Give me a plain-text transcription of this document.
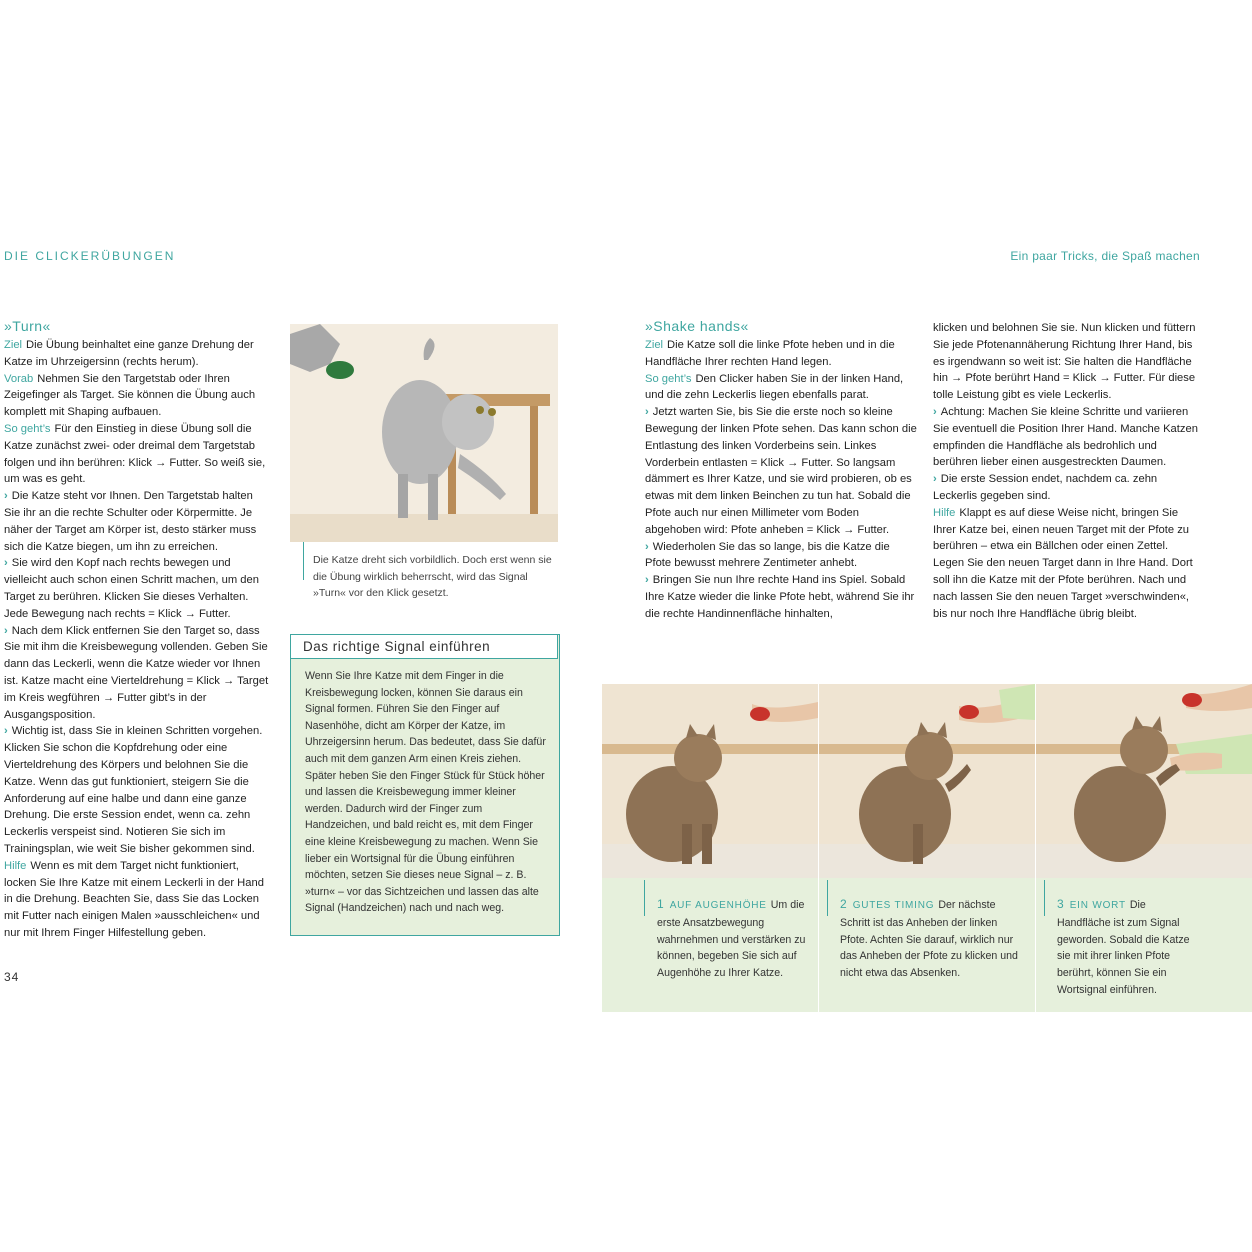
DIE CLICKERÜBUNGEN	Ein paar Tricks, die Spaß machen
»Turn«

Ziel Die Übung beinhaltet eine ganze Drehung der Katze im Uhrzeigersinn (rechts herum).

Vorab Nehmen Sie den Targetstab oder Ihren Zeigefinger als Target. Sie können die Übung auch komplett mit Shaping aufbauen.

So geht’s Für den Einstieg in diese Übung soll die Katze zunächst zwei- oder dreimal dem Targetstab folgen und ihn berühren: Klick → Futter. So weiß sie, um was es geht.

› Die Katze steht vor Ihnen. Den Targetstab halten Sie ihr an die rechte Schulter oder Körpermitte. Je näher der Target am Körper ist, desto stärker muss sich die Katze biegen, um ihn zu erreichen.

› Sie wird den Kopf nach rechts bewegen und vielleicht auch schon einen Schritt machen, um den Target zu berühren. Klicken Sie dieses Verhalten. Jede Bewegung nach rechts = Klick → Futter.

› Nach dem Klick entfernen Sie den Target so, dass Sie mit ihm die Kreisbewegung vollenden. Geben Sie dann das Leckerli, wenn die Katze wieder vor Ihnen ist. Katze macht eine Vierteldrehung = Klick → Target im Kreis wegführen → Futter gibt’s in der Ausgangsposition.

› Wichtig ist, dass Sie in kleinen Schritten vorgehen. Klicken Sie schon die Kopfdrehung oder eine Vierteldrehung des Körpers und belohnen Sie die Katze. Wenn das gut funktioniert, steigern Sie die Anforderung auf eine halbe und dann eine ganze Drehung. Die erste Session endet, wenn ca. zehn Leckerlis verspeist sind. Notieren Sie sich im Trainingsplan, wie weit Sie bisher gekommen sind.

Hilfe Wenn es mit dem Target nicht funktioniert, locken Sie Ihre Katze mit einem Leckerli in der Hand in die Drehung. Beachten Sie, dass Sie das Locken mit Futter nach einigen Malen »ausschleichen« und nur mit Ihrem Finger Hilfestellung geben.

34
Die Katze dreht sich vorbildlich. Doch erst wenn sie die Übung wirklich beherrscht, wird das Signal »Turn« vor den Klick gesetzt.
Das richtige Signal einführen
Wenn Sie Ihre Katze mit dem Finger in die Kreisbewegung locken, können Sie daraus ein Signal formen. Führen Sie den Finger auf Nasenhöhe, dicht am Körper der Katze, im Uhrzeigersinn herum. Das bedeutet, dass Sie dafür auch mit dem ganzen Arm einen Kreis ziehen. Später heben Sie den Finger Stück für Stück höher und lassen die Kreisbewegung immer kleiner werden. Dadurch wird der Finger zum Handzeichen, und bald reicht es, mit dem Finger eine kleine Kreisbewegung zu machen. Wenn Sie lieber ein Wortsignal für die Übung einführen möchten, setzen Sie dieses neue Signal – z. B. »turn« – vor das Sichtzeichen und lassen das alte Signal (Handzeichen) nach und nach weg.
»Shake hands«

Ziel Die Katze soll die linke Pfote heben und in die Handfläche Ihrer rechten Hand legen.

So geht’s Den Clicker haben Sie in der linken Hand, und die zehn Leckerlis liegen ebenfalls parat.

› Jetzt warten Sie, bis Sie die erste noch so kleine Bewegung der linken Pfote sehen. Das kann schon die Entlastung des linken Vorderbeins sein. Linkes Vorderbein entlasten = Klick → Futter. So langsam dämmert es Ihrer Katze, und sie wird probieren, ob es etwas mit dem linken Beinchen zu tun hat. Sobald die Pfote auch nur einen Millimeter vom Boden abgehoben wird: Pfote anheben = Klick → Futter.

› Wiederholen Sie das so lange, bis die Katze die Pfote bewusst mehrere Zentimeter anhebt.

› Bringen Sie nun Ihre rechte Hand ins Spiel. Sobald Ihre Katze wieder die linke Pfote hebt, während Sie ihr die rechte Handinnenfläche hinhalten,

klicken und belohnen Sie sie. Nun klicken und füttern Sie jede Pfotenannäherung Richtung Ihrer Hand, bis es irgendwann so weit ist: Sie halten die Handfläche hin → Pfote berührt Hand = Klick → Futter. Für diese tolle Leistung gibt es viele Leckerlis.

› Achtung: Machen Sie kleine Schritte und variieren Sie eventuell die Position Ihrer Hand. Manche Katzen empfinden die Handfläche als bedrohlich und berühren lieber einen ausgestreckten Daumen.

› Die erste Session endet, nachdem ca. zehn Leckerlis gegeben sind.

Hilfe Klappt es auf diese Weise nicht, bringen Sie Ihrer Katze bei, einen neuen Target mit der Pfote zu berühren – etwa ein Bällchen oder einen Zettel. Legen Sie den neuen Target dann in Ihre Hand. Dort soll ihn die Katze mit der Pfote berühren. Nach und nach lassen Sie den neuen Target »verschwinden«, bis nur noch Ihre Handfläche übrig bleibt.

1 AUF AUGENHÖHE Um die erste Ansatzbewegung wahrnehmen und verstärken zu können, begeben Sie sich auf Augenhöhe zu Ihrer Katze.
2 GUTES TIMING Der nächste Schritt ist das Anheben der linken Pfote. Achten Sie darauf, wirklich nur das Anheben der Pfote zu klicken und nicht etwa das Absenken.
3 EIN WORT Die Handfläche ist zum Signal geworden. Sobald die Katze sie mit ihrer linken Pfote berührt, können Sie ein Wortsignal einführen.
